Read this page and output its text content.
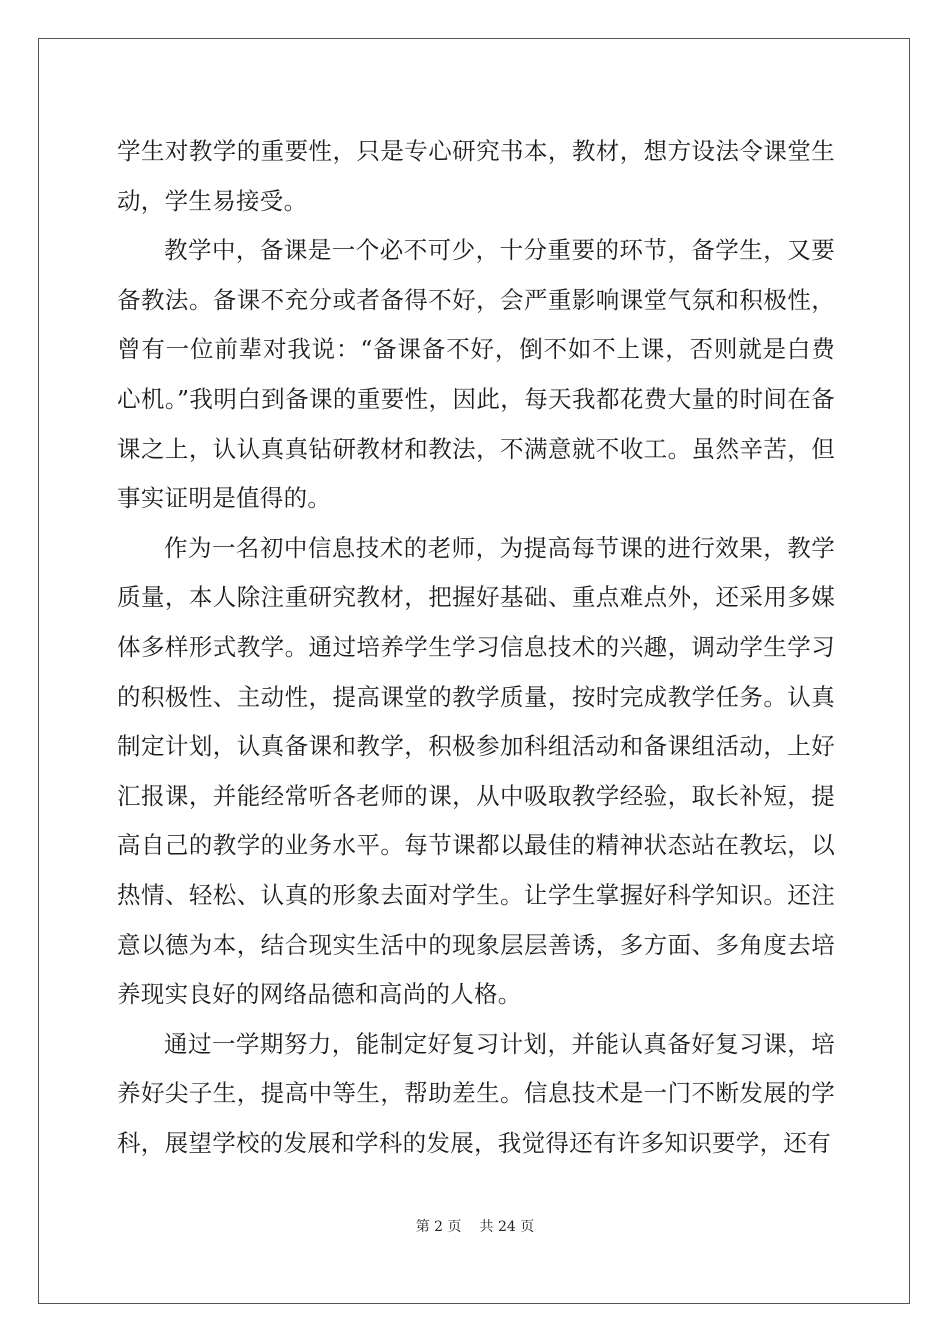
学生对教学的重要性，只是专心研究书本，教材，想方设法令课堂生动，学生易接受。

教学中，备课是一个必不可少，十分重要的环节，备学生，又要备教法。备课不充分或者备得不好，会严重影响课堂气氛和积极性，曾有一位前辈对我说：“备课备不好，倒不如不上课，否则就是白费心机。”我明白到备课的重要性，因此，每天我都花费大量的时间在备课之上，认认真真钻研教材和教法，不满意就不收工。虽然辛苦，但事实证明是值得的。

作为一名初中信息技术的老师，为提高每节课的进行效果，教学质量，本人除注重研究教材，把握好基础、重点难点外，还采用多媒体多样形式教学。通过培养学生学习信息技术的兴趣，调动学生学习的积极性、主动性，提高课堂的教学质量，按时完成教学任务。认真制定计划，认真备课和教学，积极参加科组活动和备课组活动，上好汇报课，并能经常听各老师的课，从中吸取教学经验，取长补短，提高自己的教学的业务水平。每节课都以最佳的精神状态站在教坛，以热情、轻松、认真的形象去面对学生。让学生掌握好科学知识。还注意以德为本，结合现实生活中的现象层层善诱，多方面、多角度去培养现实良好的网络品德和高尚的人格。

通过一学期努力，能制定好复习计划，并能认真备好复习课，培养好尖子生，提高中等生，帮助差生。信息技术是一门不断发展的学科，展望学校的发展和学科的发展，我觉得还有许多知识要学，还有

第 2 页 共 24 页
